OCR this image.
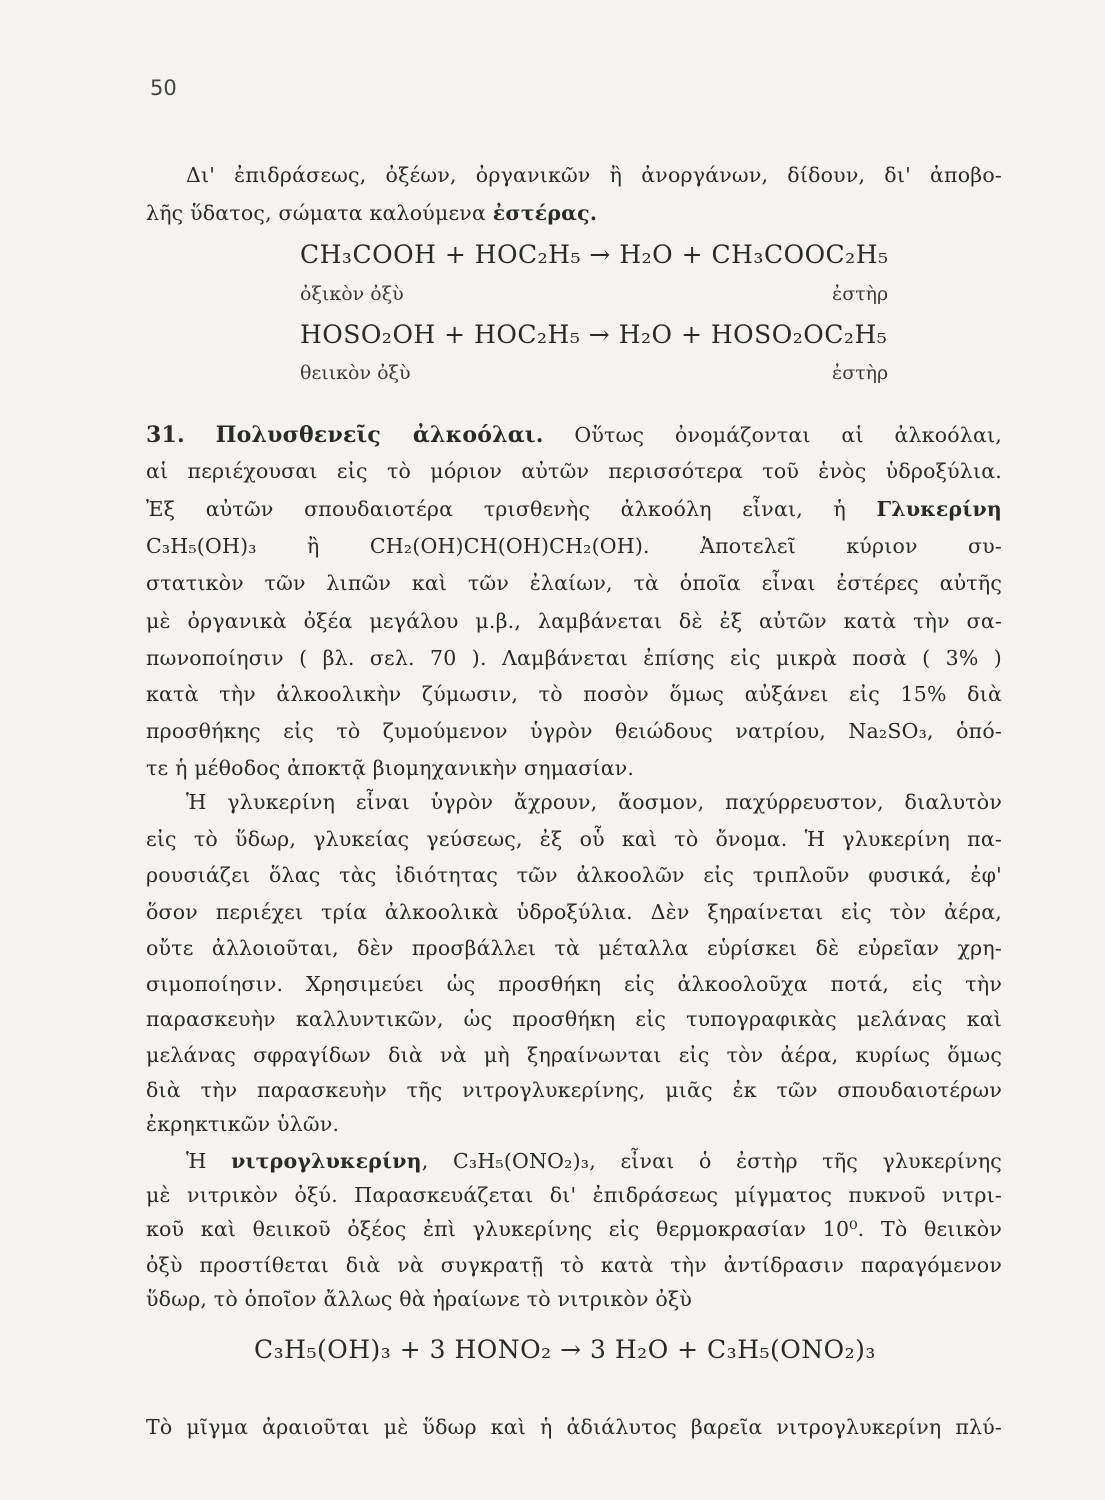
50
Δι' ἐπιδράσεως, ὀξέων, ὀργανικῶν ἢ ἀνοργάνων, δίδουν, δι' ἀποβο-
λῆς ὕδατος, σώματα καλούμενα ἐστέρας.
CH₃COOH + HOC₂H₅ → H₂O + CH₃COOC₂H₅
ὀξικὸν ὀξὺ	ἐστὴρ
HOSO₂OH + HOC₂H₅ → H₂O + HOSO₂OC₂H₅
θειικὸν ὀξὺ	ἐστὴρ
31. Πολυσθενεῖς ἀλκοόλαι. Οὕτως ὀνομάζονται αἱ ἀλκοόλαι,
αἱ περιέχουσαι εἰς τὸ μόριον αὐτῶν περισσότερα τοῦ ἑνὸς ὑδροξύλια.
Ἐξ αὐτῶν σπουδαιοτέρα τρισθενὴς ἀλκοόλη εἶναι, ἡ Γλυκερίνη
C₃H₅(OH)₃ ἢ CH₂(OH)CH(OH)CH₂(OH). Ἀποτελεῖ κύριον συ-
στατικὸν τῶν λιπῶν καὶ τῶν ἐλαίων, τὰ ὁποῖα εἶναι ἐστέρες αὐτῆς
μὲ ὀργανικὰ ὀξέα μεγάλου μ.β., λαμβάνεται δὲ ἐξ αὐτῶν κατὰ τὴν σα-
πωνοποίησιν ( βλ. σελ. 70 ). Λαμβάνεται ἐπίσης εἰς μικρὰ ποσὰ ( 3% )
κατὰ τὴν ἀλκοολικὴν ζύμωσιν, τὸ ποσὸν ὅμως αὐξάνει εἰς 15% διὰ
προσθήκης εἰς τὸ ζυμούμενον ὑγρὸν θειώδους νατρίου, Na₂SO₃, ὁπό-
τε ἡ μέθοδος ἀποκτᾷ βιομηχανικὴν σημασίαν.
Ἡ γλυκερίνη εἶναι ὑγρὸν ἄχρουν, ἄοσμον, παχύρρευστον, διαλυτὸν
εἰς τὸ ὕδωρ, γλυκείας γεύσεως, ἐξ οὗ καὶ τὸ ὄνομα. Ἡ γλυκερίνη πα-
ρουσιάζει ὅλας τὰς ἰδιότητας τῶν ἀλκοολῶν εἰς τριπλοῦν φυσικά, ἐφ'
ὅσον περιέχει τρία ἀλκοολικὰ ὑδροξύλια. Δὲν ξηραίνεται εἰς τὸν ἀέρα,
οὔτε ἀλλοιοῦται, δὲν προσβάλλει τὰ μέταλλα εὑρίσκει δὲ εὐρεῖαν χρη-
σιμοποίησιν. Χρησιμεύει ὡς προσθήκη εἰς ἀλκοολοῦχα ποτά, εἰς τὴν
παρασκευὴν καλλυντικῶν, ὡς προσθήκη εἰς τυπογραφικὰς μελάνας καὶ
μελάνας σφραγίδων διὰ νὰ μὴ ξηραίνωνται εἰς τὸν ἀέρα, κυρίως ὅμως
διὰ τὴν παρασκευὴν τῆς νιτρογλυκερίνης, μιᾶς ἐκ τῶν σπουδαιοτέρων
ἐκρηκτικῶν ὑλῶν.
Ἡ νιτρογλυκερίνη, C₃H₅(ONO₂)₃, εἶναι ὁ ἐστὴρ τῆς γλυκερίνης
μὲ νιτρικὸν ὀξύ. Παρασκευάζεται δι' ἐπιδράσεως μίγματος πυκνοῦ νιτρι-
κοῦ καὶ θειικοῦ ὀξέος ἐπὶ γλυκερίνης εἰς θερμοκρασίαν 10⁰. Τὸ θειικὸν
ὀξὺ προστίθεται διὰ νὰ συγκρατῇ τὸ κατὰ τὴν ἀντίδρασιν παραγόμενον
ὕδωρ, τὸ ὁποῖον ἄλλως θὰ ἠραίωνε τὸ νιτρικὸν ὀξὺ
C₃H₅(OH)₃ + 3 HONO₂ → 3 H₂O + C₃H₅(ONO₂)₃
Τὸ μῖγμα ἀραιοῦται μὲ ὕδωρ καὶ ἡ ἀδιάλυτος βαρεῖα νιτρογλυκερίνη πλύ-
